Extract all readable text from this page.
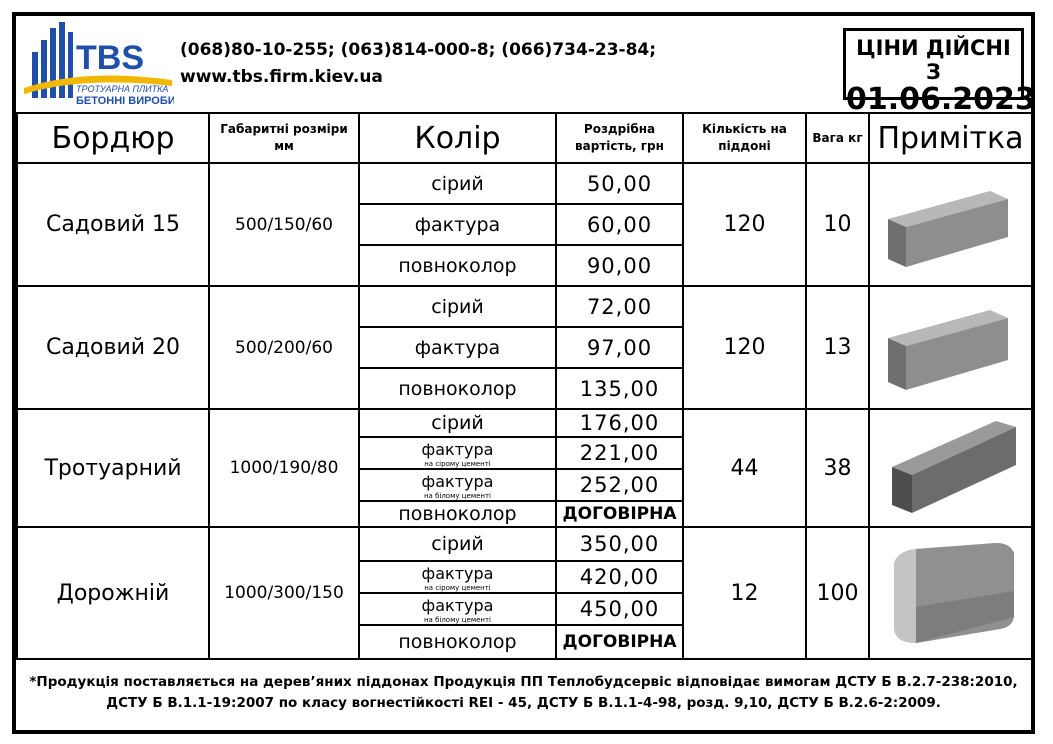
TBS
ТРОТУАРНА ПЛИТКА
БЕТОННІ ВИРОБИ
(068)80-10-255; (063)814-000-8; (066)734-23-84;
www.tbs.firm.kiev.ua
ЦІНИ ДІЙСНІ З
01.06.2023
Бордюр	Габаритні розміри мм	Колір	Роздрібна вартість, грн	Кількість на піддоні	Вага кг	Примітка
Садовий 15	500/150/60	сірий	50,00	120	10	

		фактура	60,00			
		повноколор	90,00			
Садовий 20	500/200/60	сірий	72,00	120	13	

		фактура	97,00			
		повноколор	135,00			
Тротуарний	1000/190/80	сірий	176,00	44	38	

		фактура
на сірому цементі	221,00			
		фактура
на білому цементі	252,00			
		повноколор	ДОГОВІРНА			
Дорожній	1000/300/150	сірий	350,00	12	100	

		фактура
на сірому цементі	420,00			
		фактура
на білому цементі	450,00			
		повноколор	ДОГОВІРНА			
*Продукція поставляється на дерев’яних піддонах Продукція ПП Теплобудсервіс відповідає вимогам ДСТУ Б В.2.7-238:2010,
ДСТУ Б В.1.1-19:2007 по класу вогнестійкості REI - 45, ДСТУ Б В.1.1-4-98, розд. 9,10, ДСТУ Б В.2.6-2:2009.
